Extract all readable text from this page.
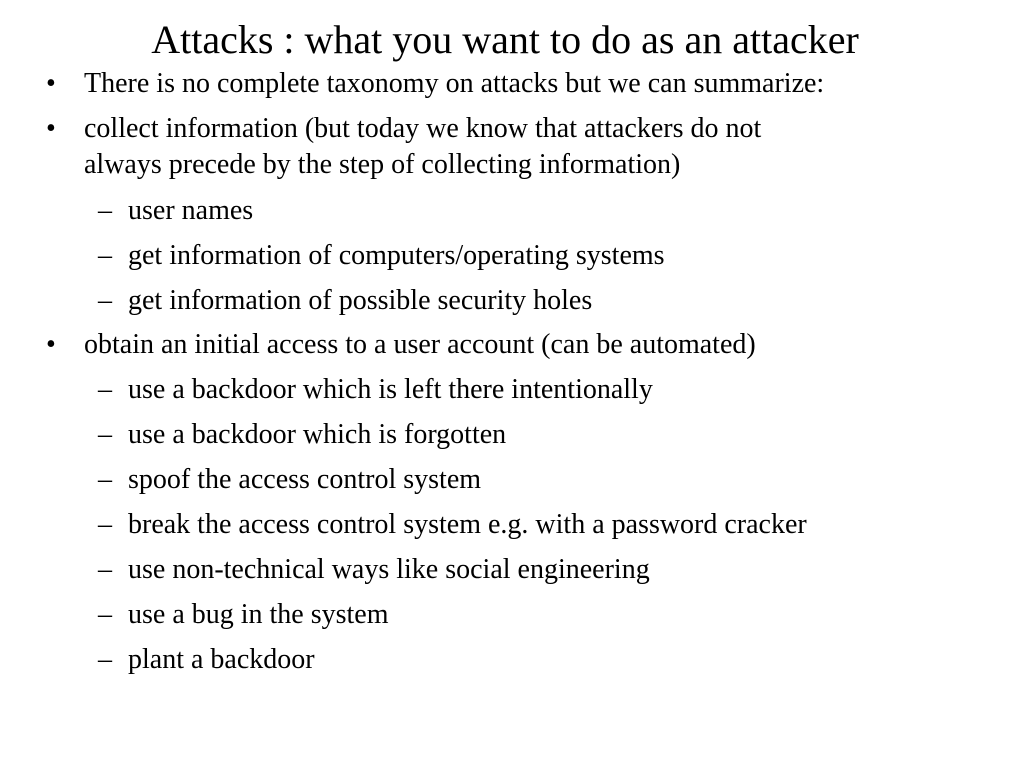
Attacks : what you want to do as an attacker
• There is no complete taxonomy on attacks but we can summarize:
• collect information (but today we know that attackers do not
always precede by the step of collecting information)
– user names
– get information of computers/operating systems
– get information of possible security holes
• obtain an initial access to a user account (can be automated)
– use a backdoor which is left there intentionally
– use a backdoor which is forgotten
– spoof the access control system
– break the access control system e.g. with a password cracker
– use non-technical ways like social engineering
– use a bug in the system
– plant a backdoor
